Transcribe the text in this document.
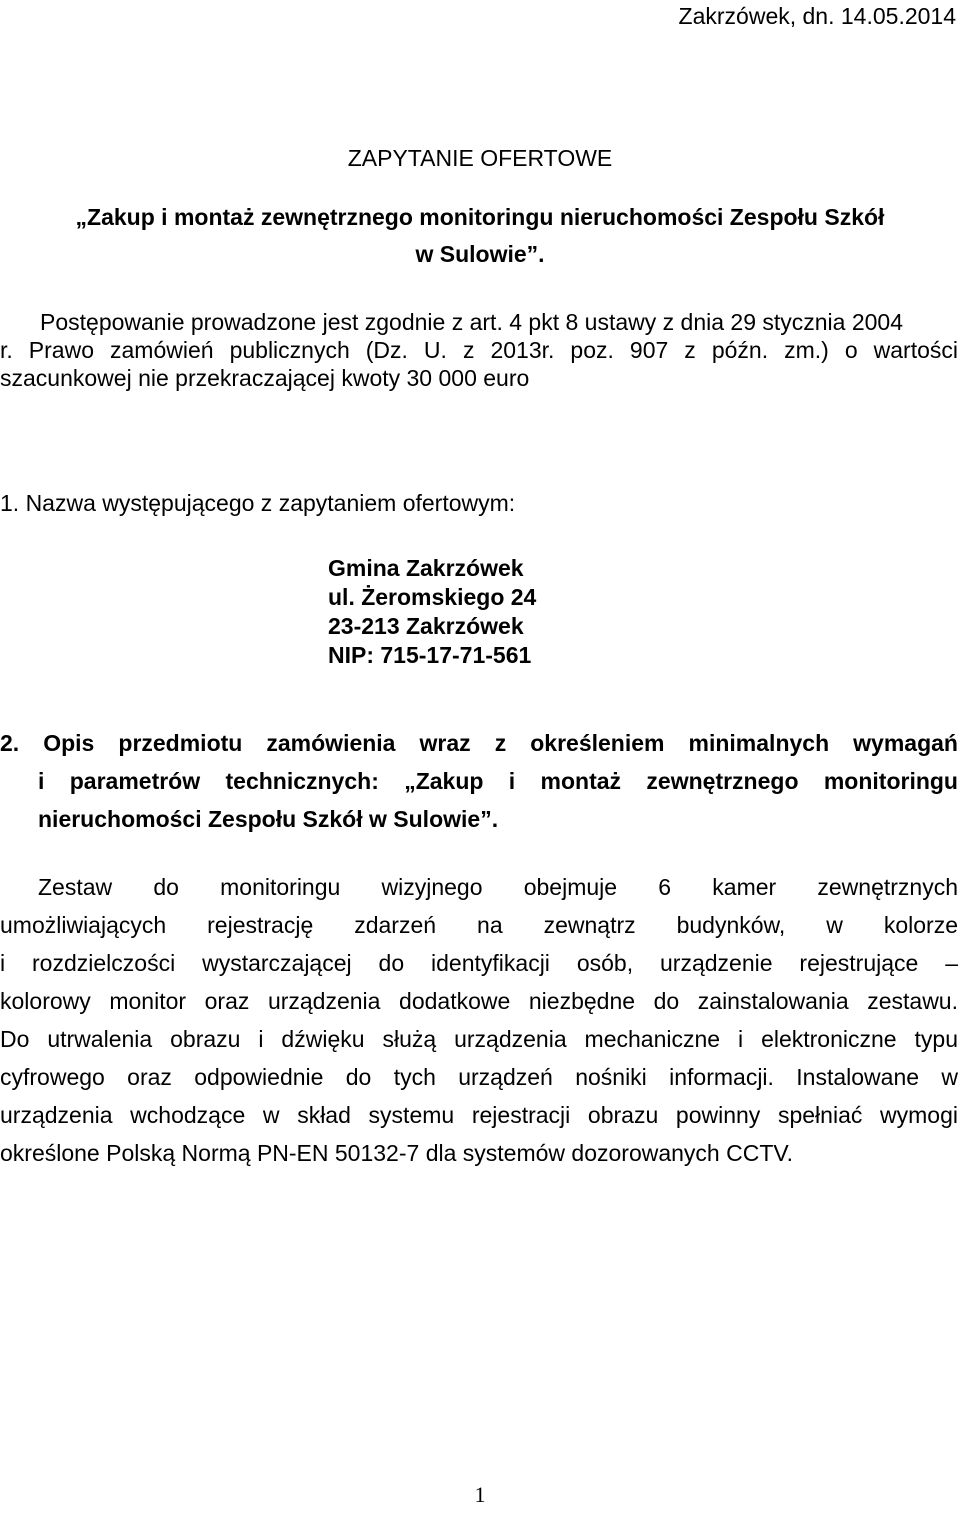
Zakrzówek, dn. 14.05.2014
ZAPYTANIE OFERTOWE
„Zakup i montaż zewnętrznego monitoringu nieruchomości Zespołu Szkół
w Sulowie”.
Postępowanie prowadzone jest zgodnie z art. 4 pkt 8 ustawy z dnia 29 stycznia 2004
r. Prawo zamówień publicznych (Dz. U. z 2013r. poz. 907 z późn. zm.) o wartości
szacunkowej nie przekraczającej kwoty 30 000 euro
1. Nazwa występującego z zapytaniem ofertowym:
Gmina Zakrzówek
ul. Żeromskiego 24
23-213 Zakrzówek
NIP: 715-17-71-561
2. Opis przedmiotu zamówienia wraz z określeniem minimalnych wymagań
i parametrów technicznych: „Zakup i montaż zewnętrznego monitoringu
nieruchomości Zespołu Szkół w Sulowie”.
Zestaw do monitoringu wizyjnego obejmuje 6 kamer zewnętrznych
umożliwiających rejestrację zdarzeń na zewnątrz budynków, w kolorze
i rozdzielczości wystarczającej do identyfikacji osób, urządzenie rejestrujące –
kolorowy monitor oraz urządzenia dodatkowe niezbędne do zainstalowania zestawu.
Do utrwalenia obrazu i dźwięku służą urządzenia mechaniczne i elektroniczne typu
cyfrowego oraz odpowiednie do tych urządzeń nośniki informacji. Instalowane w
urządzenia wchodzące w skład systemu rejestracji obrazu powinny spełniać wymogi
określone Polską Normą PN-EN 50132-7 dla systemów dozorowanych CCTV.
1
